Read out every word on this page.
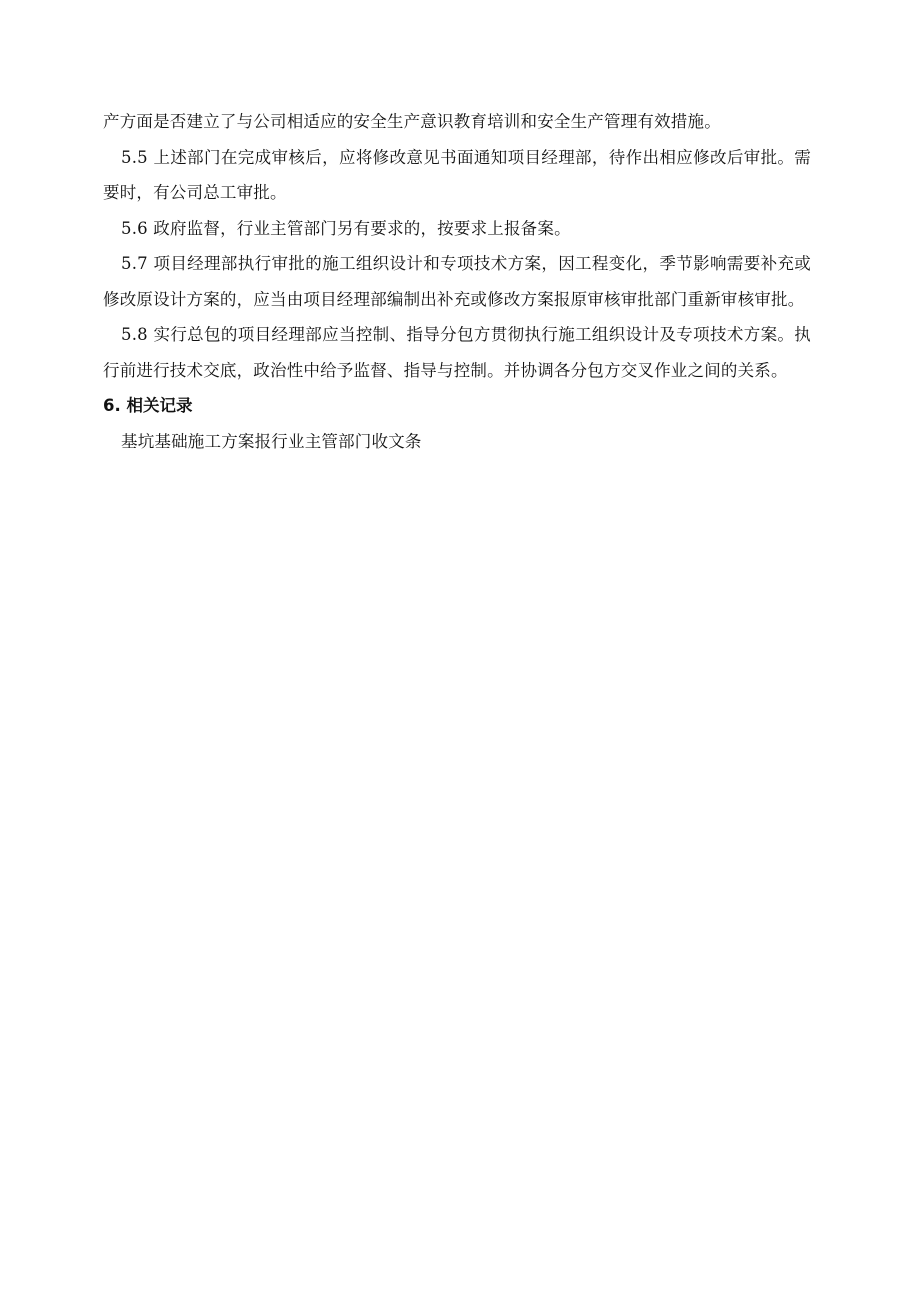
产方面是否建立了与公司相适应的安全生产意识教育培训和安全生产管理有效措施。

5.5 上述部门在完成审核后，应将修改意见书面通知项目经理部，待作出相应修改后审批。需要时，有公司总工审批。

5.6 政府监督，行业主管部门另有要求的，按要求上报备案。

5.7 项目经理部执行审批的施工组织设计和专项技术方案，因工程变化，季节影响需要补充或修改原设计方案的，应当由项目经理部编制出补充或修改方案报原审核审批部门重新审核审批。

5.8 实行总包的项目经理部应当控制、指导分包方贯彻执行施工组织设计及专项技术方案。执行前进行技术交底，政治性中给予监督、指导与控制。并协调各分包方交叉作业之间的关系。

6. 相关记录

基坑基础施工方案报行业主管部门收文条
